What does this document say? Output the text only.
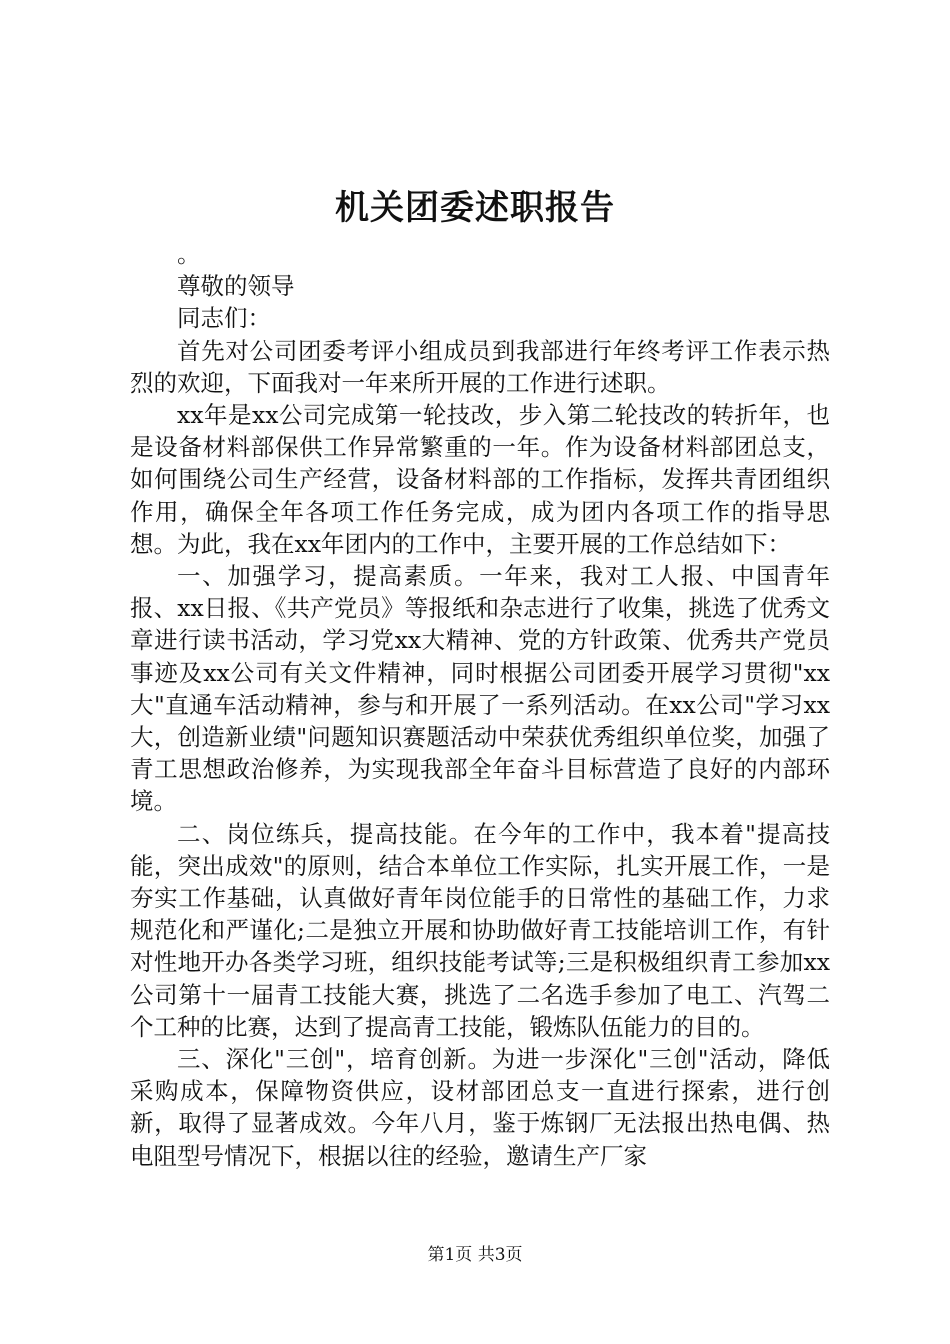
机关团委述职报告

。

尊敬的领导

同志们：

首先对公司团委考评小组成员到我部进行年终考评工作表示热烈的欢迎，下面我对一年来所开展的工作进行述职。

xx年是xx公司完成第一轮技改，步入第二轮技改的转折年，也是设备材料部保供工作异常繁重的一年。作为设备材料部团总支，如何围绕公司生产经营，设备材料部的工作指标，发挥共青团组织作用，确保全年各项工作任务完成，成为团内各项工作的指导思想。为此，我在xx年团内的工作中，主要开展的工作总结如下：

一、加强学习，提高素质。一年来，我对工人报、中国青年报、xx日报、《共产党员》等报纸和杂志进行了收集，挑选了优秀文章进行读书活动，学习党xx大精神、党的方针政策、优秀共产党员事迹及xx公司有关文件精神，同时根据公司团委开展学习贯彻"xx大"直通车活动精神，参与和开展了一系列活动。在xx公司"学习xx大，创造新业绩"问题知识赛题活动中荣获优秀组织单位奖，加强了青工思想政治修养，为实现我部全年奋斗目标营造了良好的内部环境。

二、岗位练兵，提高技能。在今年的工作中，我本着"提高技能，突出成效"的原则，结合本单位工作实际，扎实开展工作，一是夯实工作基础，认真做好青年岗位能手的日常性的基础工作，力求规范化和严谨化;二是独立开展和协助做好青工技能培训工作，有针对性地开办各类学习班，组织技能考试等;三是积极组织青工参加xx公司第十一届青工技能大赛，挑选了二名选手参加了电工、汽驾二个工种的比赛，达到了提高青工技能，锻炼队伍能力的目的。

三、深化"三创"，培育创新。为进一步深化"三创"活动，降低采购成本，保障物资供应，设材部团总支一直进行探索，进行创新，取得了显著成效。今年八月，鉴于炼钢厂无法报出热电偶、热电阻型号情况下，根据以往的经验，邀请生产厂家

第1页 共3页
